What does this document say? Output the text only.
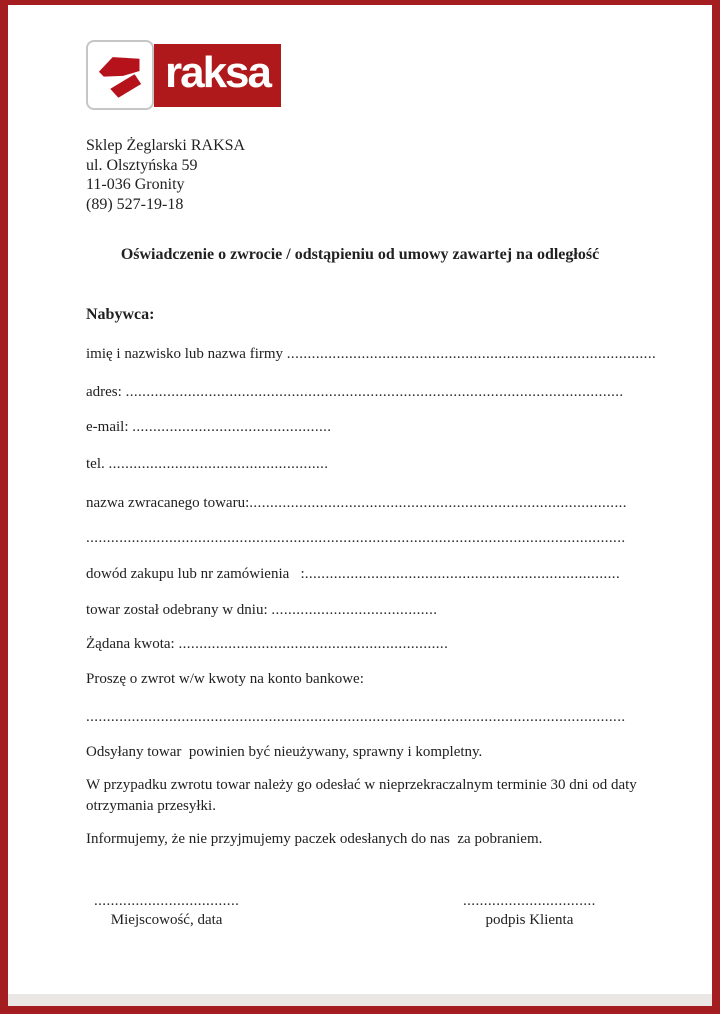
raksa
Sklep Żeglarski RAKSA
ul. Olsztyńska 59
11-036 Gronity
(89) 527-19-18
Oświadczenie o zwrocie / odstąpieniu od umowy zawartej na odległość
Nabywca:
imię i nazwisko lub nazwa firmy .........................................................................................
adres: ........................................................................................................................
e-mail: ................................................
tel. .....................................................
nazwa zwracanego towaru:...........................................................................................
..................................................................................................................................
dowód zakupu lub nr zamówienia   :............................................................................
towar został odebrany w dniu: ........................................
Żądana kwota: .................................................................
Proszę o zwrot w/w kwoty na konto bankowe:
..................................................................................................................................
Odsyłany towar  powinien być nieużywany, sprawny i kompletny.
W przypadku zwrotu towar należy go odesłać w nieprzekraczalnym terminie 30 dni od daty otrzymania przesyłki.
Informujemy, że nie przyjmujemy paczek odesłanych do nas  za pobraniem.
...................................
Miejscowość, data
................................
podpis Klienta
